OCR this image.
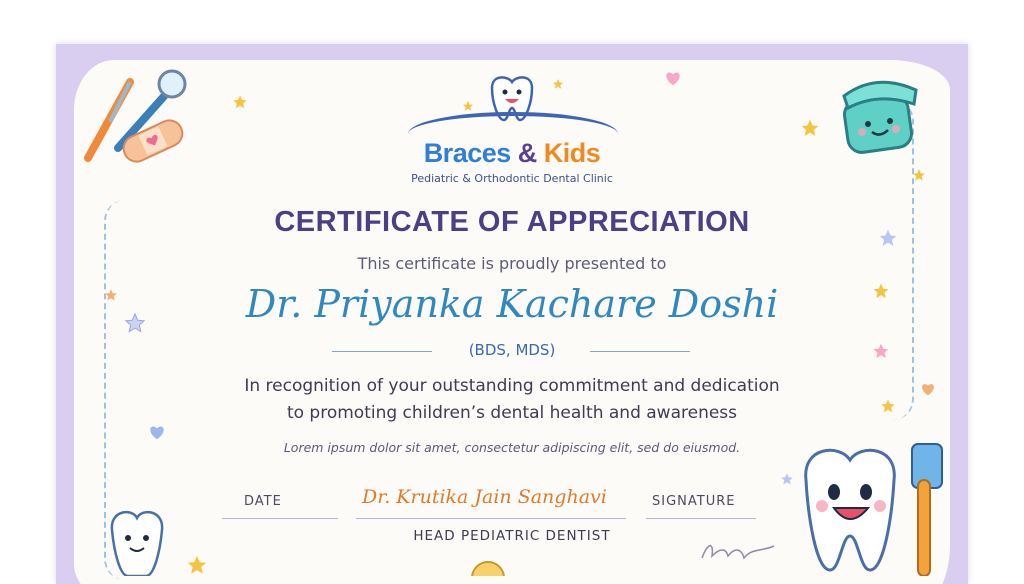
Braces & Kids
Pediatric & Orthodontic Dental Clinic
CERTIFICATE OF APPRECIATION
This certificate is proudly presented to
Dr. Priyanka Kachare Doshi
(BDS, MDS)
In recognition of your outstanding commitment and dedication
to promoting children’s dental health and awareness
Lorem ipsum dolor sit amet, consectetur adipiscing elit, sed do eiusmod.
DATE	Dr. Krutika Jain Sanghavi	SIGNATURE
HEAD PEDIATRIC DENTIST
